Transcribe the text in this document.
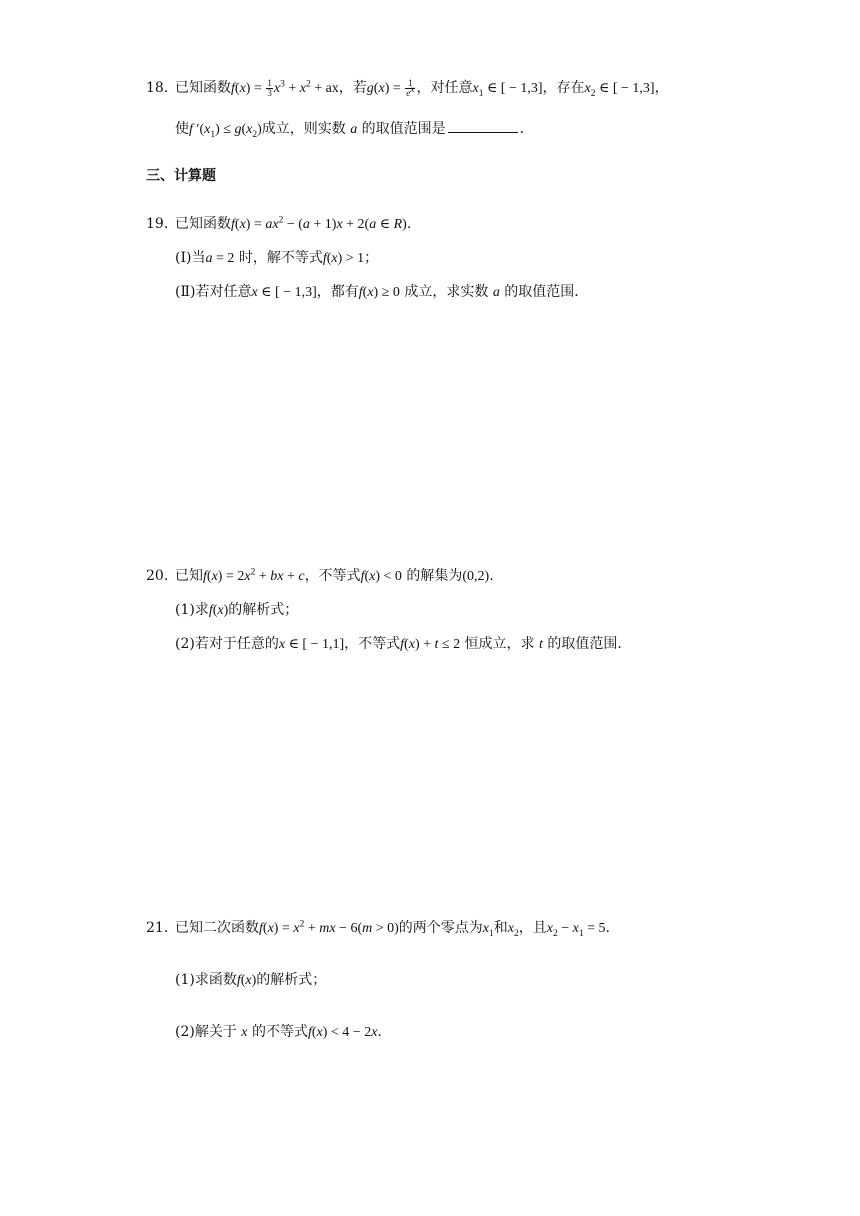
18. 已知函数$f(x) = \frac{1}{3} x^3 + x^2$ + ax，若$g(x) = \frac{1}{e^x}$ ，对任意$x_1$ ∈ [ − 1,3]，存在$x_2$ ∈ [ − 1,3]，
使f $'(x_1) \le g(x_2)$成立，则实数 a 的取值范围是	.
三、计算题
19. 已知函数$f(x) = ax^2 - (a + 1)x + 2(a$ ∈ R).
(Ⅰ)当a = 2 时，解不等式f(x) > 1；
(Ⅱ)若对任意x ∈ [ − 1,3]，都有f(x) ≥ 0 成立，求实数 a 的取值范围.
20. 已知$f(x) = 2x^2$ + bx + c，不等式f(x) < 0 的解集为(0,2).
(1)求f(x)的解析式；
(2)若对于任意的x ∈ [ − 1,1]，不等式f(x) + t ≤ 2 恒成立，求 t 的取值范围.
21. 已知二次函数$f(x) = x^2$ + mx − 6(m > 0)的两个零点为$x_1$和$x_2$，且$x_2 - x_1 = 5$.
(1)求函数f(x)的解析式；
(2)解关于 x 的不等式f(x) < 4 − 2x.
